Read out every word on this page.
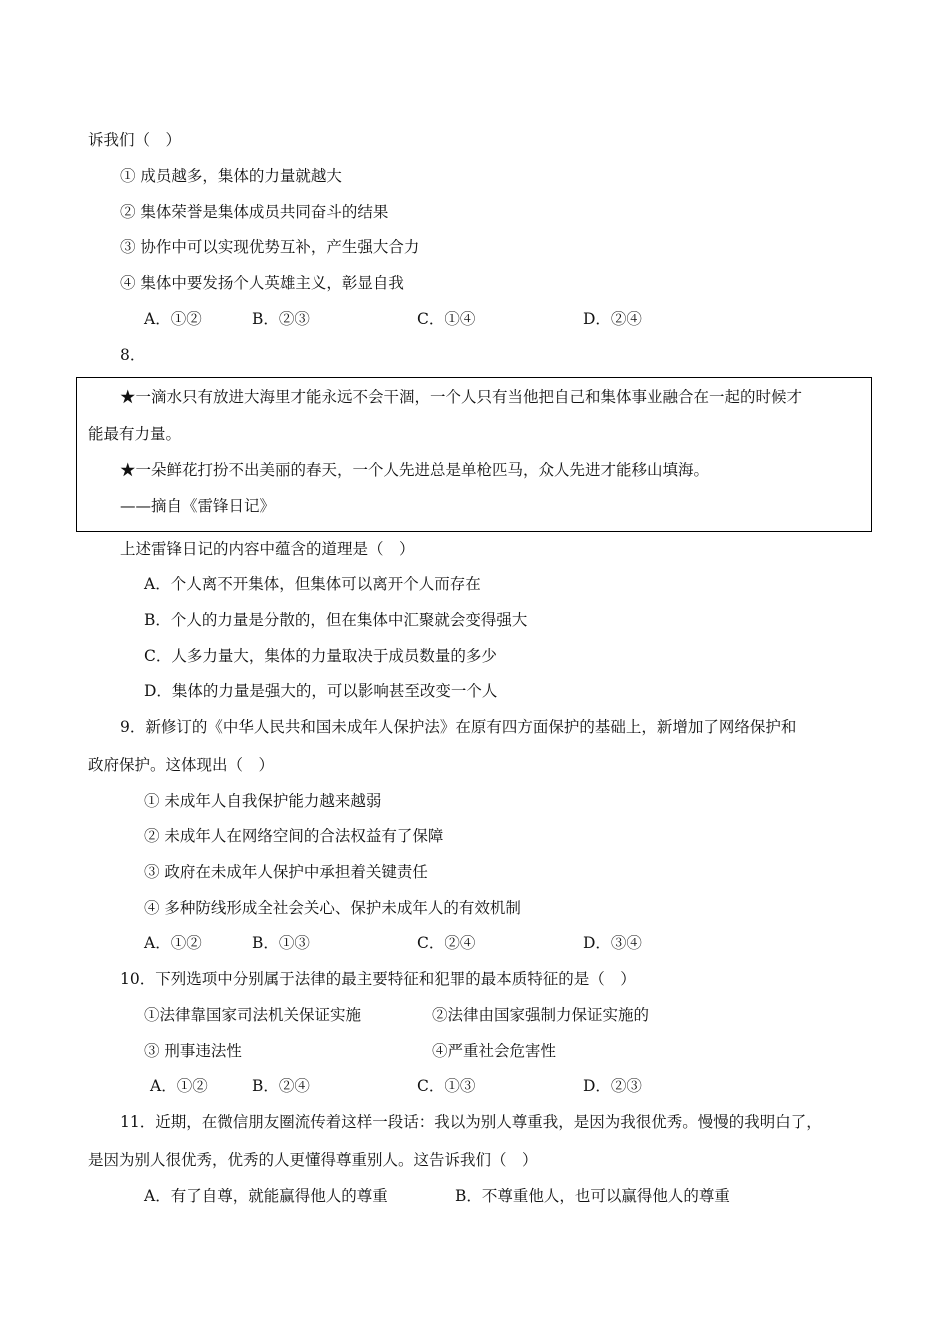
诉我们（　）
① 成员越多，集体的力量就越大
② 集体荣誉是集体成员共同奋斗的结果
③ 协作中可以实现优势互补，产生强大合力
④ 集体中要发扬个人英雄主义，彰显自我
A．①②	B．②③	C．①④	D．②④
8．
★一滴水只有放进大海里才能永远不会干涸，一个人只有当他把自己和集体事业融合在一起的时候才
能最有力量。
★一朵鲜花打扮不出美丽的春天，一个人先进总是单枪匹马，众人先进才能移山填海。
——摘自《雷锋日记》
上述雷锋日记的内容中蕴含的道理是（　）
A．个人离不开集体，但集体可以离开个人而存在
B．个人的力量是分散的，但在集体中汇聚就会变得强大
C．人多力量大，集体的力量取决于成员数量的多少
D．集体的力量是强大的，可以影响甚至改变一个人
9．新修订的《中华人民共和国未成年人保护法》在原有四方面保护的基础上，新增加了网络保护和
政府保护。这体现出（　）
① 未成年人自我保护能力越来越弱
② 未成年人在网络空间的合法权益有了保障
③ 政府在未成年人保护中承担着关键责任
④ 多种防线形成全社会关心、保护未成年人的有效机制
A．①②	B．①③	C．②④	D．③④
10．下列选项中分别属于法律的最主要特征和犯罪的最本质特征的是（　）
①法律靠国家司法机关保证实施	②法律由国家强制力保证实施的
③ 刑事违法性	④严重社会危害性
A．①②	B．②④	C．①③	D．②③
11．近期，在微信朋友圈流传着这样一段话：我以为别人尊重我，是因为我很优秀。慢慢的我明白了，
是因为别人很优秀，优秀的人更懂得尊重别人。这告诉我们（　）
A．有了自尊，就能赢得他人的尊重	B．不尊重他人，也可以赢得他人的尊重
